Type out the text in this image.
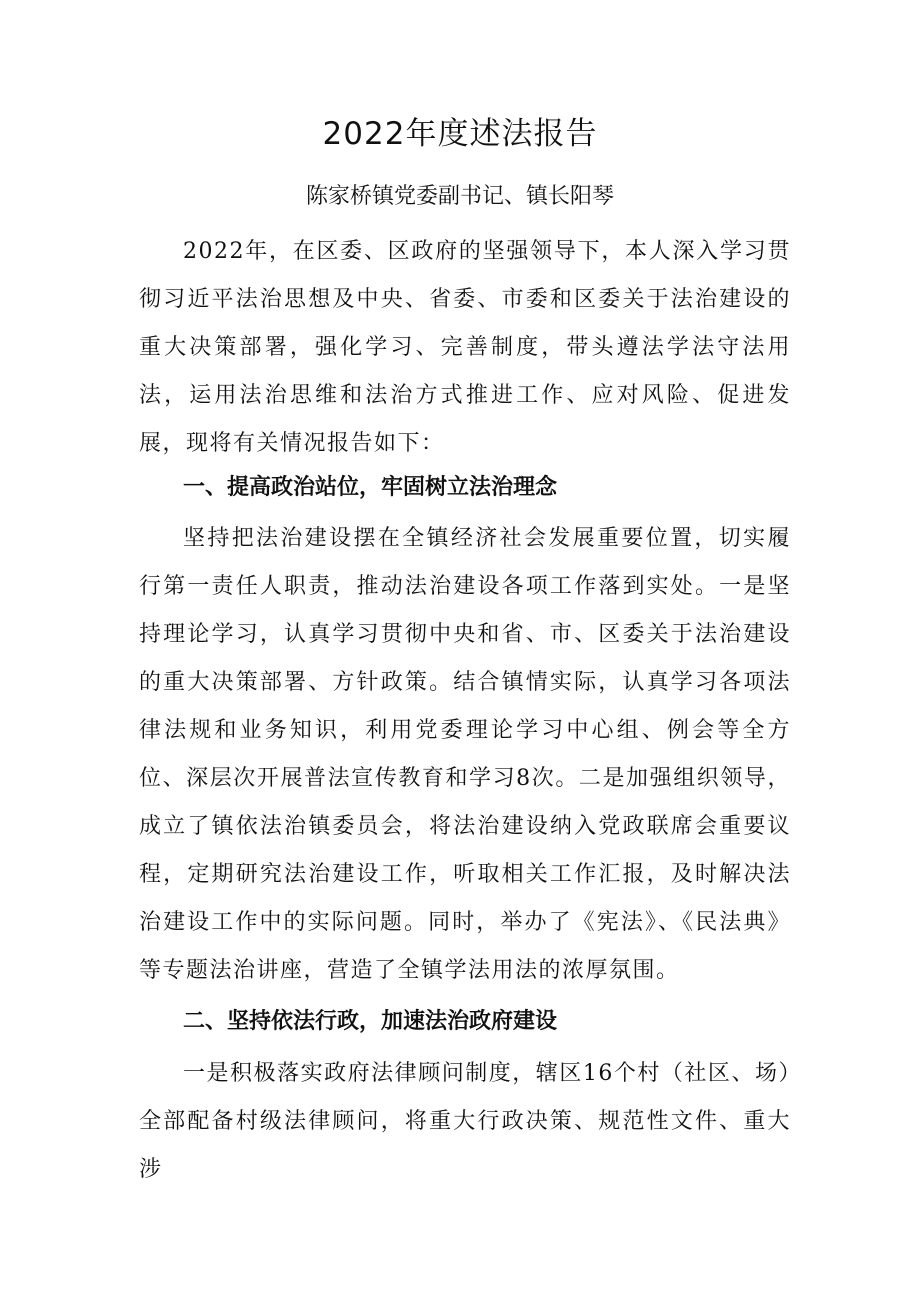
2022年度述法报告
陈家桥镇党委副书记、镇长阳琴

2022年，在区委、区政府的坚强领导下，本人深入学习贯彻习近平法治思想及中央、省委、市委和区委关于法治建设的重大决策部署，强化学习、完善制度，带头遵法学法守法用法，运用法治思维和法治方式推进工作、应对风险、促进发展，现将有关情况报告如下：

一、提高政治站位，牢固树立法治理念

坚持把法治建设摆在全镇经济社会发展重要位置，切实履行第一责任人职责，推动法治建设各项工作落到实处。一是坚持理论学习，认真学习贯彻中央和省、市、区委关于法治建设的重大决策部署、方针政策。结合镇情实际，认真学习各项法律法规和业务知识，利用党委理论学习中心组、例会等全方位、深层次开展普法宣传教育和学习8次。二是加强组织领导，成立了镇依法治镇委员会，将法治建设纳入党政联席会重要议程，定期研究法治建设工作，听取相关工作汇报，及时解决法治建设工作中的实际问题。同时，举办了《宪法》、《民法典》等专题法治讲座，营造了全镇学法用法的浓厚氛围。

二、坚持依法行政，加速法治政府建设

一是积极落实政府法律顾问制度，辖区16个村（社区、场）全部配备村级法律顾问，将重大行政决策、规范性文件、重大涉
